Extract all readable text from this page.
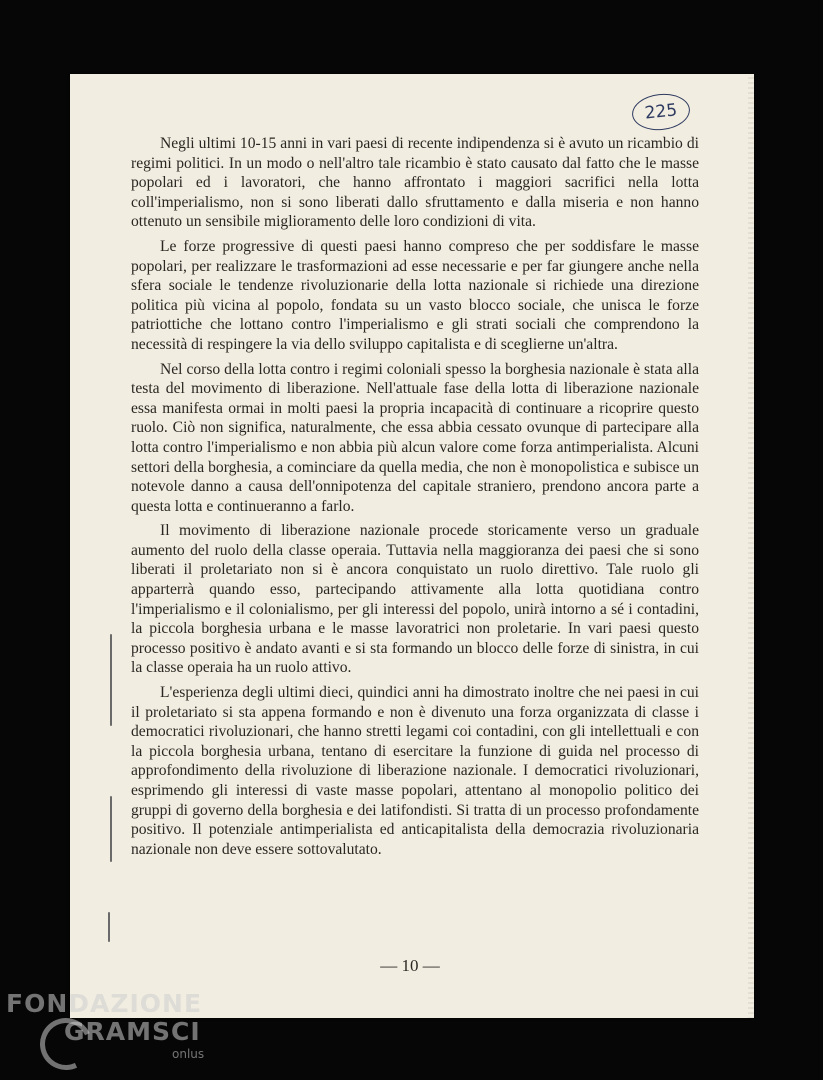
225

Negli ultimi 10-15 anni in vari paesi di recente indipendenza si è avuto un ricambio di regimi politici. In un modo o nell'altro tale ricambio è stato causato dal fatto che le masse popolari ed i lavoratori, che hanno affrontato i maggiori sacrifici nella lotta coll'imperialismo, non si sono liberati dallo sfruttamento e dalla miseria e non hanno ottenuto un sensibile miglioramento delle loro condizioni di vita.

Le forze progressive di questi paesi hanno compreso che per soddisfare le masse popolari, per realizzare le trasformazioni ad esse necessarie e per far giungere anche nella sfera sociale le tendenze rivoluzionarie della lotta nazionale si richiede una direzione politica più vicina al popolo, fondata su un vasto blocco sociale, che unisca le forze patriottiche che lottano contro l'imperialismo e gli strati sociali che comprendono la necessità di respingere la via dello sviluppo capitalista e di sceglierne un'altra.

Nel corso della lotta contro i regimi coloniali spesso la borghesia nazionale è stata alla testa del movimento di liberazione. Nell'attuale fase della lotta di liberazione nazionale essa manifesta ormai in molti paesi la propria incapacità di continuare a ricoprire questo ruolo. Ciò non significa, naturalmente, che essa abbia cessato ovunque di partecipare alla lotta contro l'imperialismo e non abbia più alcun valore come forza antimperialista. Alcuni settori della borghesia, a cominciare da quella media, che non è monopolistica e subisce un notevole danno a causa dell'onnipotenza del capitale straniero, prendono ancora parte a questa lotta e continueranno a farlo.

Il movimento di liberazione nazionale procede storicamente verso un graduale aumento del ruolo della classe operaia. Tuttavia nella maggioranza dei paesi che si sono liberati il proletariato non si è ancora conquistato un ruolo direttivo. Tale ruolo gli apparterrà quando esso, partecipando attivamente alla lotta quotidiana contro l'imperialismo e il colonialismo, per gli interessi del popolo, unirà intorno a sé i contadini, la piccola borghesia urbana e le masse lavoratrici non proletarie. In vari paesi questo processo positivo è andato avanti e si sta formando un blocco delle forze di sinistra, in cui la classe operaia ha un ruolo attivo.

L'esperienza degli ultimi dieci, quindici anni ha dimostrato inoltre che nei paesi in cui il proletariato si sta appena formando e non è divenuto una forza organizzata di classe i democratici rivoluzionari, che hanno stretti legami coi contadini, con gli intellettuali e con la piccola borghesia urbana, tentano di esercitare la funzione di guida nel processo di approfondimento della rivoluzione di liberazione nazionale. I democratici rivoluzionari, esprimendo gli interessi di vaste masse popolari, attentano al monopolio politico dei gruppi di governo della borghesia e dei latifondisti. Si tratta di un processo profondamente positivo. Il potenziale antimperialista ed anticapitalista della democrazia rivoluzionaria nazionale non deve essere sottovalutato.

— 10 —
FONDAZIONE
GRAMSCI
onlus
